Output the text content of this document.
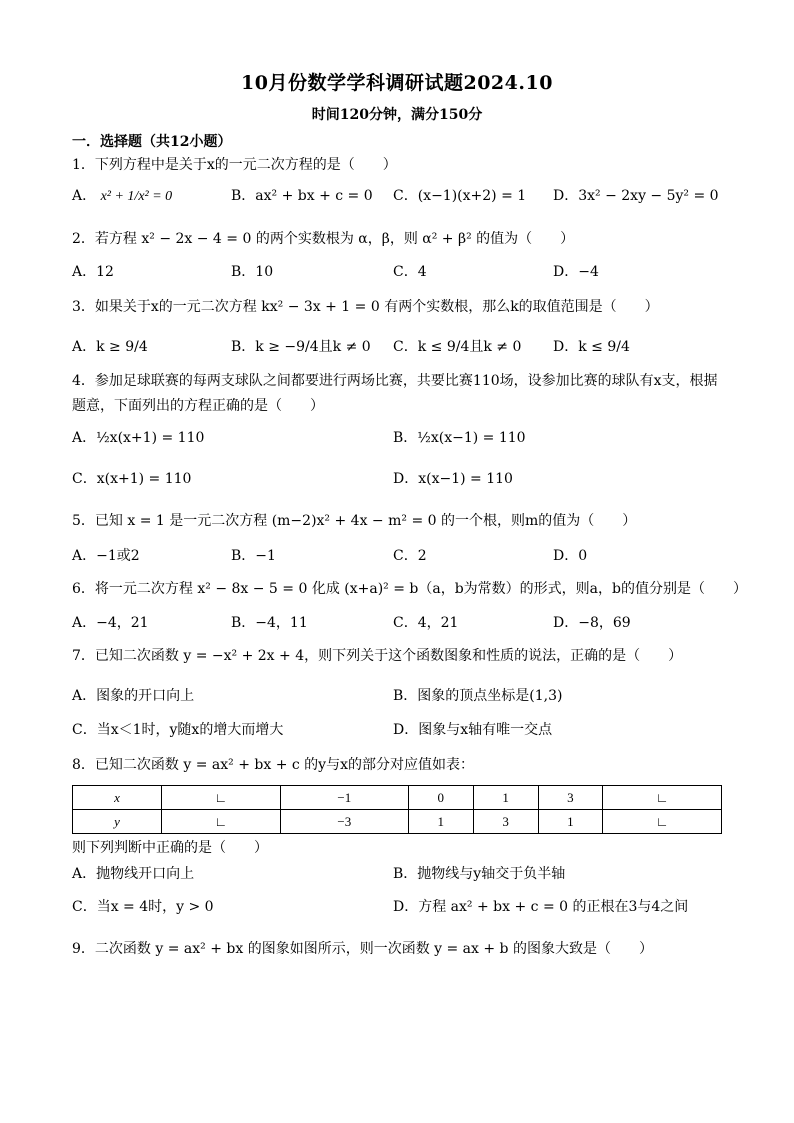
10月份数学学科调研试题2024.10
时间120分钟，满分150分
一．选择题（共12小题）
1．下列方程中是关于x的一元二次方程的是（　　）
A． x² + 1/x² = 0	B．ax² + bx + c = 0 C．(x−1)(x+2) = 1 D．3x² − 2xy − 5y² = 0
2．若方程 x² − 2x − 4 = 0 的两个实数根为 α，β，则 α² + β² 的值为（　　）
A．12	B．10	C．4	D．−4
3．如果关于x的一元二次方程 kx² − 3x + 1 = 0 有两个实数根，那么k的取值范围是（　　）
A．k ≥ 9/4	B．k ≥ −9/4且k ≠ 0 C．k ≤ 9/4且k ≠ 0 D．k ≤ 9/4
4．参加足球联赛的每两支球队之间都要进行两场比赛，共要比赛110场，设参加比赛的球队有x支，根据
题意，下面列出的方程正确的是（　　）
A．½x(x+1) = 110	B．½x(x−1) = 110
C．x(x+1) = 110	D．x(x−1) = 110
5．已知 x = 1 是一元二次方程 (m−2)x² + 4x − m² = 0 的一个根，则m的值为（　　）
A．−1或2	B．−1	C．2	D．0
6．将一元二次方程 x² − 8x − 5 = 0 化成 (x+a)² = b（a，b为常数）的形式，则a，b的值分别是（　　）
A．−4，21	B．−4，11	C．4，21	D．−8，69
7．已知二次函数 y = −x² + 2x + 4，则下列关于这个函数图象和性质的说法，正确的是（　　）
A．图象的开口向上	B．图象的顶点坐标是(1,3)
C．当x＜1时，y随x的增大而增大	D．图象与x轴有唯一交点
8．已知二次函数 y = ax² + bx + c 的y与x的部分对应值如表：
x	∟	−1	0	1	3	∟
y	∟	−3	1	3	1	∟
则下列判断中正确的是（　　）
A．抛物线开口向上	B．抛物线与y轴交于负半轴
C．当x = 4时，y > 0	D．方程 ax² + bx + c = 0 的正根在3与4之间
9．二次函数 y = ax² + bx 的图象如图所示，则一次函数 y = ax + b 的图象大致是（　　）
